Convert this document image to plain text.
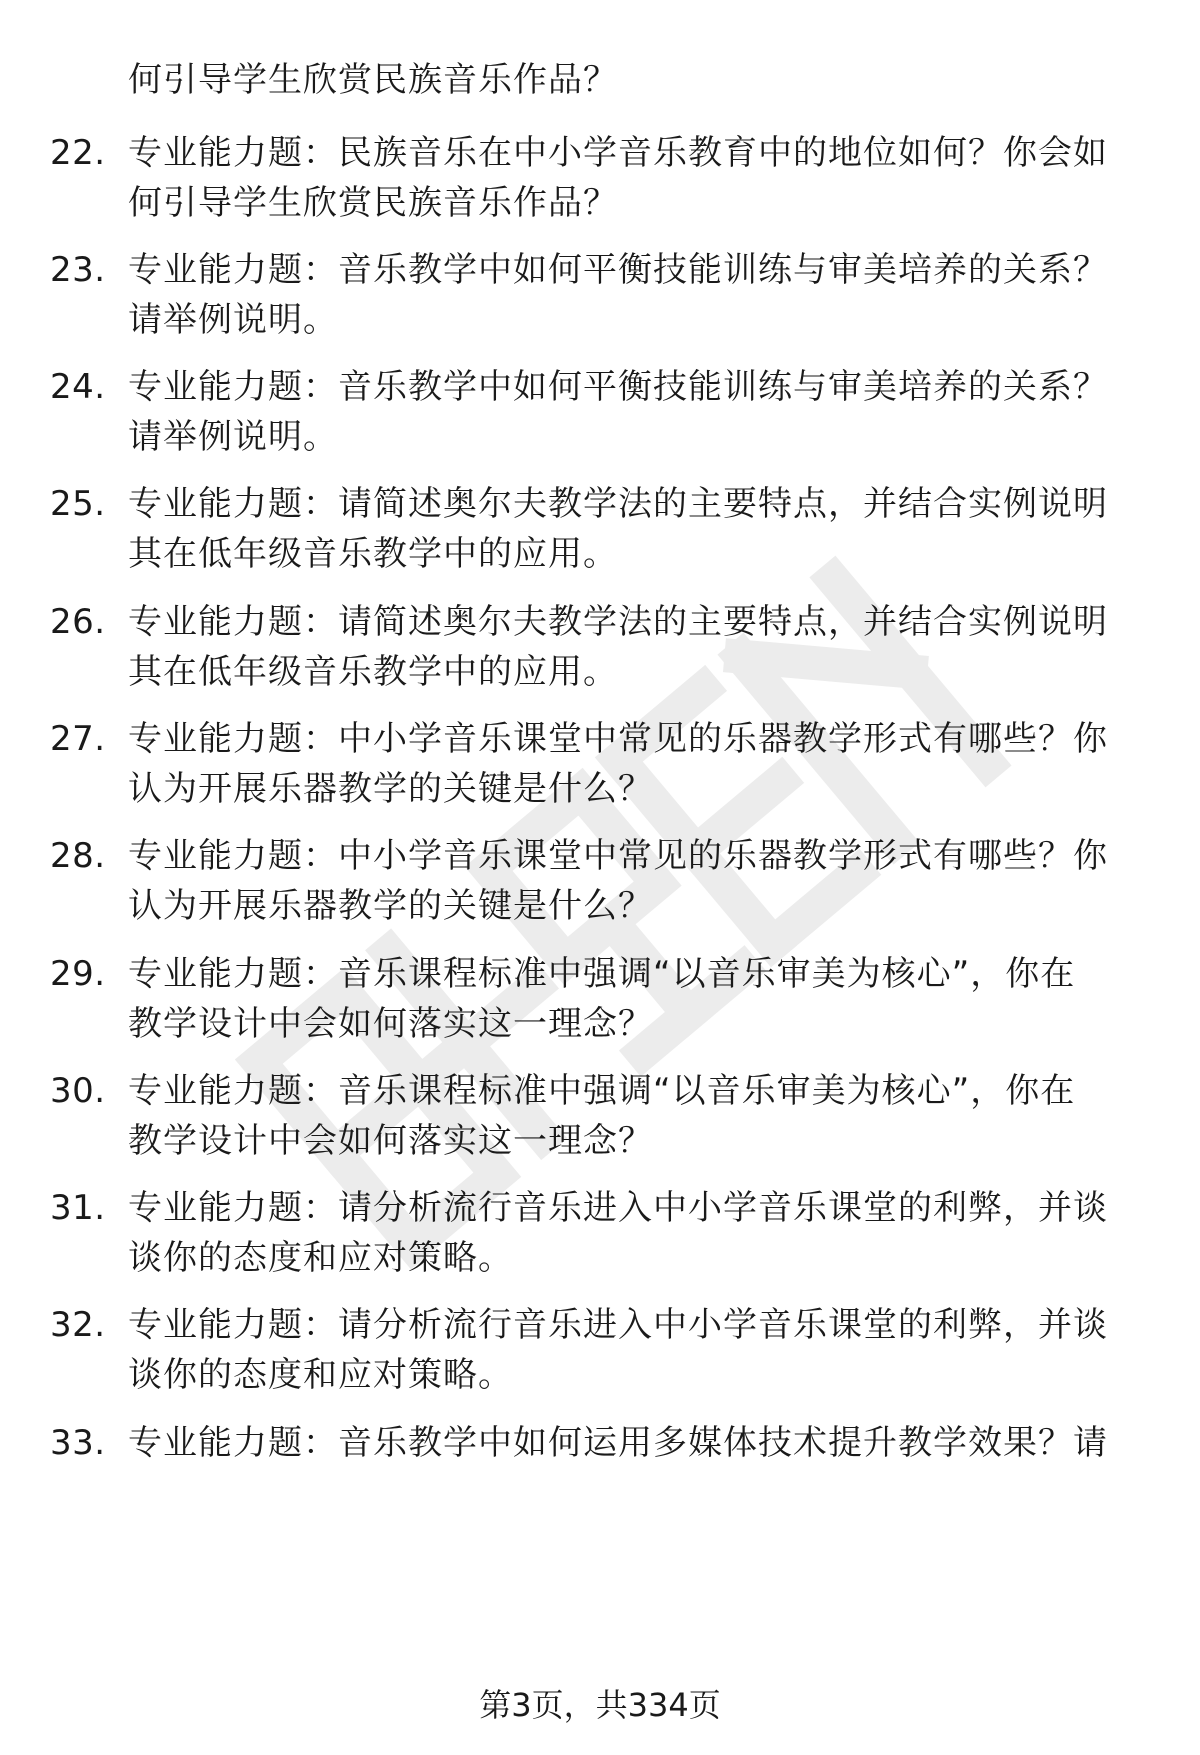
何引导学生欣赏民族音乐作品？
22. 专业能力题：民族音乐在中小学音乐教育中的地位如何？你会如
何引导学生欣赏民族音乐作品？
23. 专业能力题：音乐教学中如何平衡技能训练与审美培养的关系？
请举例说明。
24. 专业能力题：音乐教学中如何平衡技能训练与审美培养的关系？
请举例说明。
25. 专业能力题：请简述奥尔夫教学法的主要特点，并结合实例说明
其在低年级音乐教学中的应用。
26. 专业能力题：请简述奥尔夫教学法的主要特点，并结合实例说明
其在低年级音乐教学中的应用。
27. 专业能力题：中小学音乐课堂中常见的乐器教学形式有哪些？你
认为开展乐器教学的关键是什么？
28. 专业能力题：中小学音乐课堂中常见的乐器教学形式有哪些？你
认为开展乐器教学的关键是什么？
29. 专业能力题：音乐课程标准中强调“以音乐审美为核心”，你在
教学设计中会如何落实这一理念？
30. 专业能力题：音乐课程标准中强调“以音乐审美为核心”，你在
教学设计中会如何落实这一理念？
31. 专业能力题：请分析流行音乐进入中小学音乐课堂的利弊，并谈
谈你的态度和应对策略。
32. 专业能力题：请分析流行音乐进入中小学音乐课堂的利弊，并谈
谈你的态度和应对策略。
33. 专业能力题：音乐教学中如何运用多媒体技术提升教学效果？请
第3页，共334页
